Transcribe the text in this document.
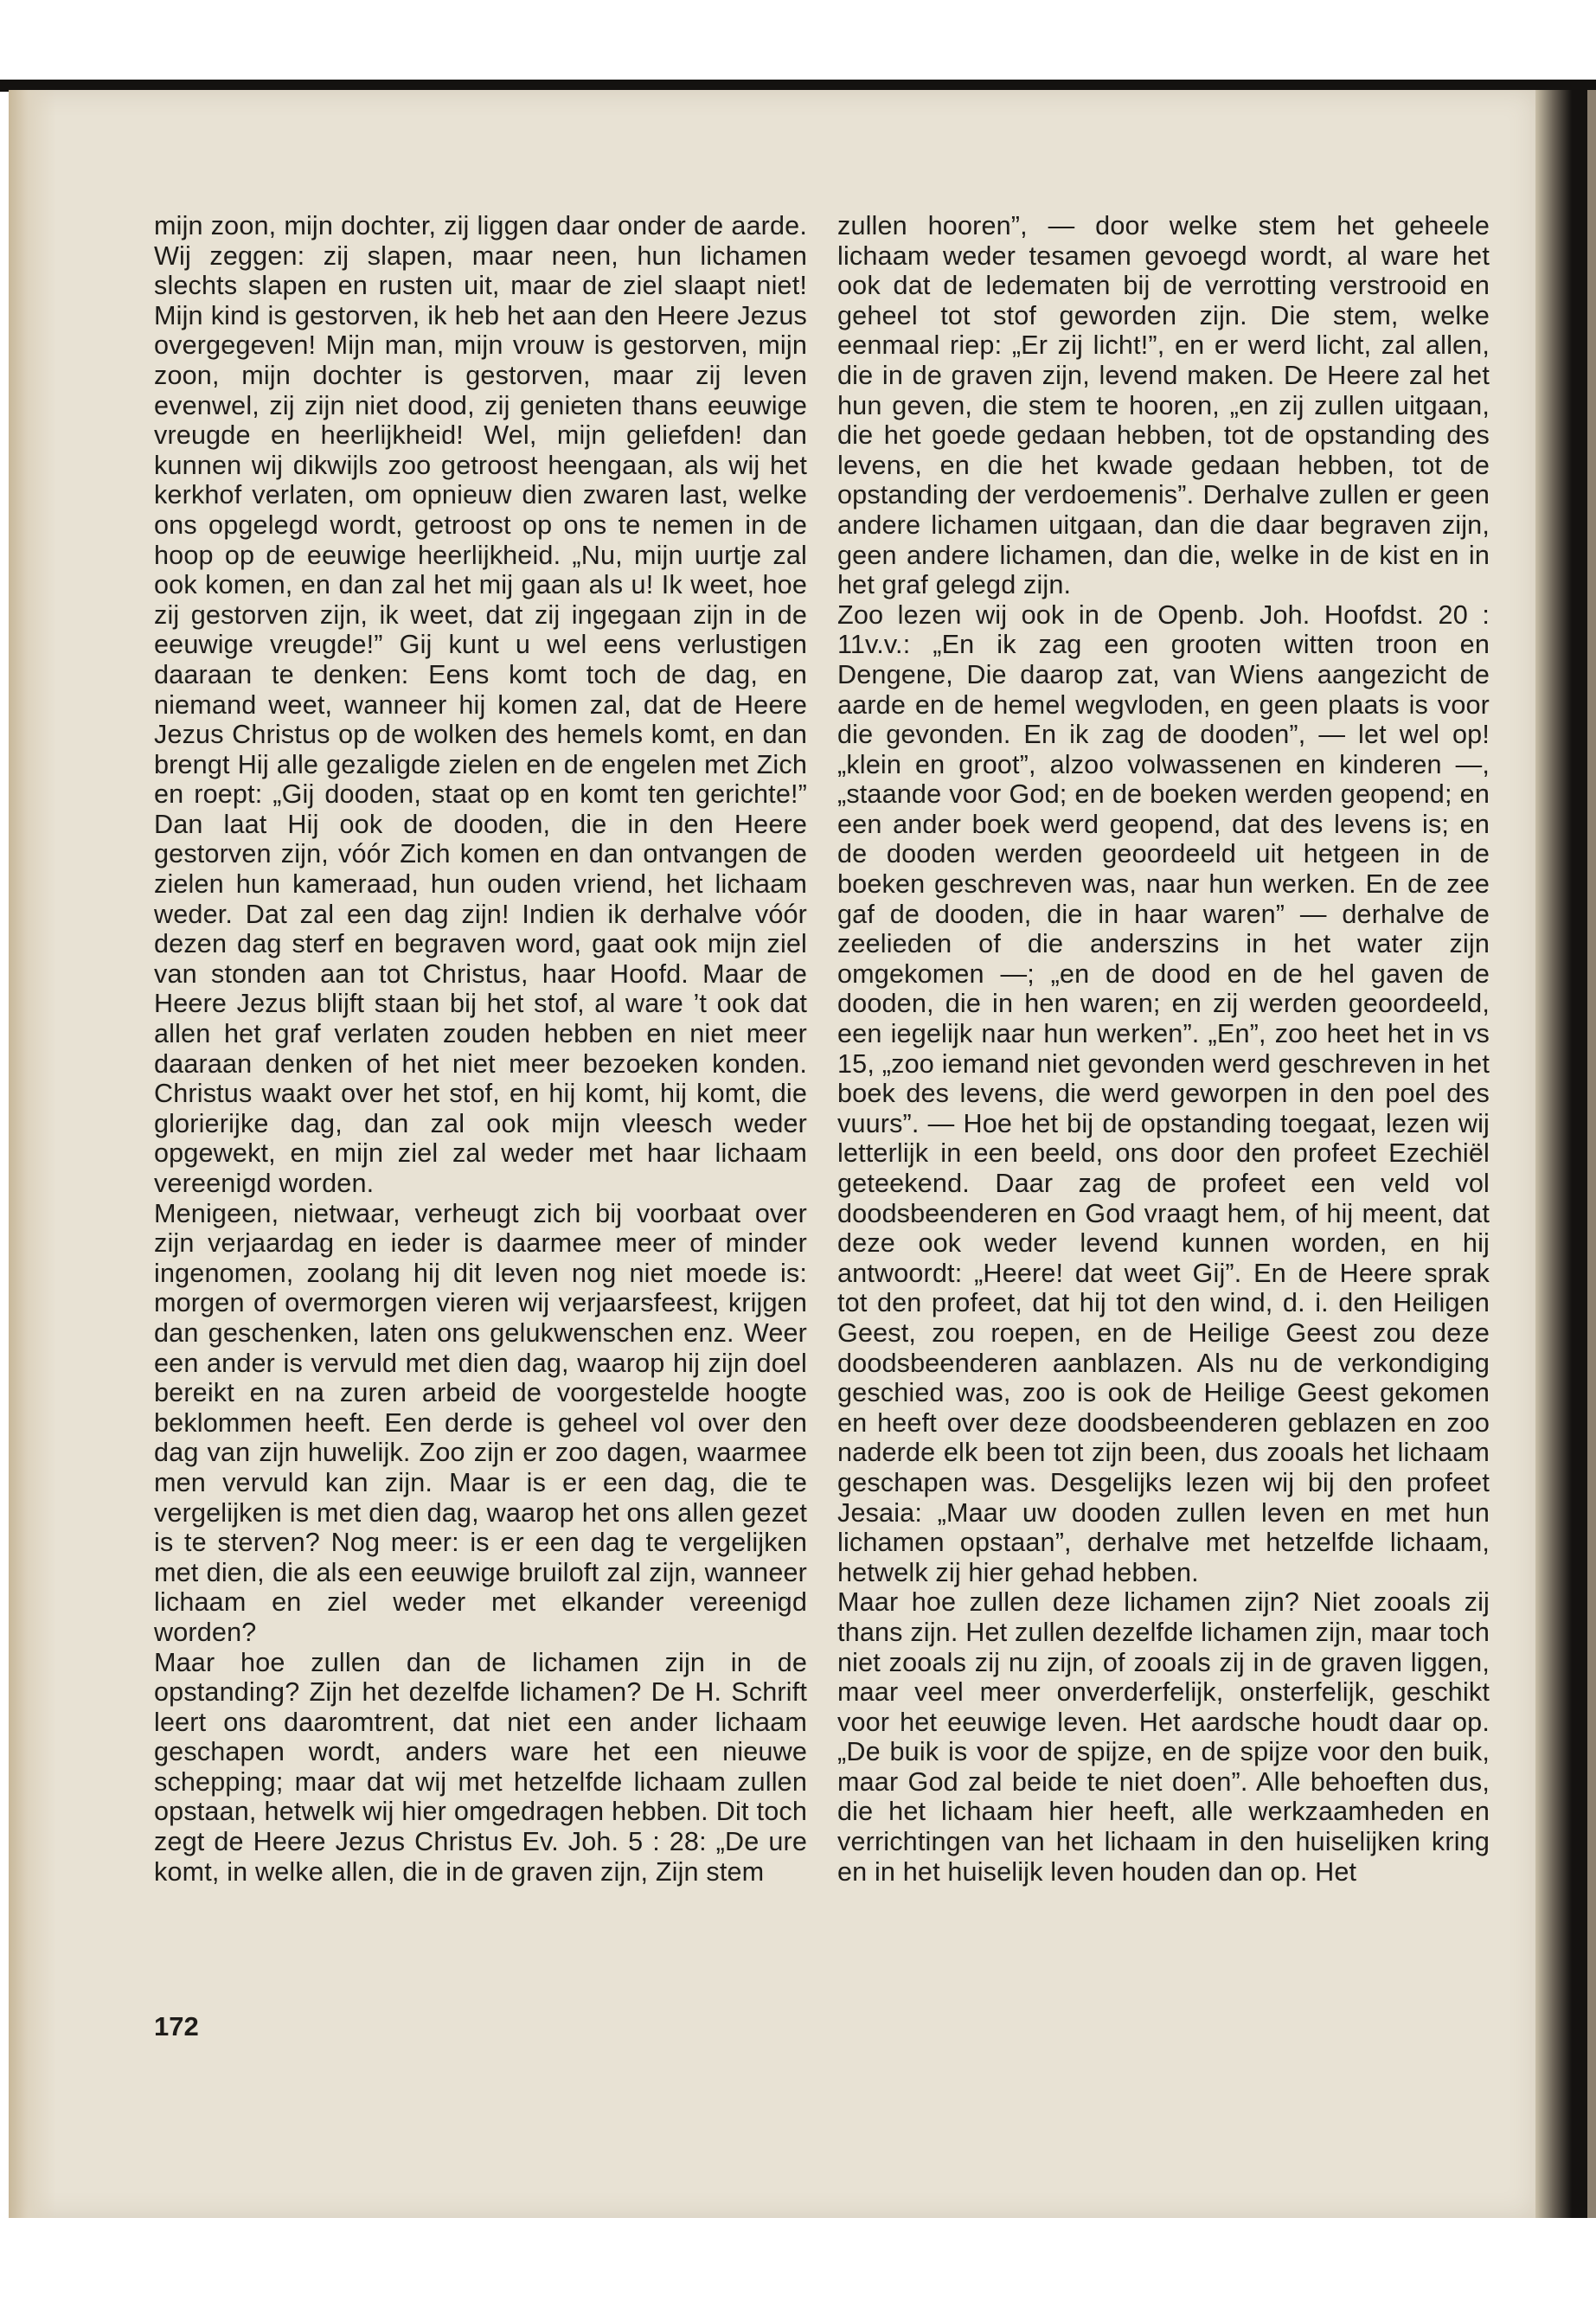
mijn zoon, mijn dochter, zij liggen daar onder de aarde. Wij zeggen: zij slapen, maar neen, hun lichamen slechts slapen en rusten uit, maar de ziel slaapt niet! Mijn kind is gestorven, ik heb het aan den Heere Jezus overgegeven! Mijn man, mijn vrouw is gestorven, mijn zoon, mijn dochter is gestorven, maar zij leven evenwel, zij zijn niet dood, zij genieten thans eeuwige vreugde en heerlijkheid! Wel, mijn geliefden! dan kunnen wij dikwijls zoo getroost heengaan, als wij het kerkhof verlaten, om opnieuw dien zwaren last, welke ons opgelegd wordt, getroost op ons te nemen in de hoop op de eeuwige heerlijkheid. „Nu, mijn uurtje zal ook komen, en dan zal het mij gaan als u! Ik weet, hoe zij gestorven zijn, ik weet, dat zij ingegaan zijn in de eeuwige vreugde!” Gij kunt u wel eens verlustigen daaraan te denken: Eens komt toch de dag, en niemand weet, wanneer hij komen zal, dat de Heere Jezus Christus op de wolken des hemels komt, en dan brengt Hij alle gezaligde zielen en de engelen met Zich en roept: „Gij dooden, staat op en komt ten gerichte!” Dan laat Hij ook de dooden, die in den Heere gestorven zijn, vóór Zich komen en dan ontvangen de zielen hun kameraad, hun ouden vriend, het lichaam weder. Dat zal een dag zijn! Indien ik derhalve vóór dezen dag sterf en begraven word, gaat ook mijn ziel van stonden aan tot Christus, haar Hoofd. Maar de Heere Jezus blijft staan bij het stof, al ware ’t ook dat allen het graf verlaten zouden hebben en niet meer daaraan denken of het niet meer bezoeken konden. Christus waakt over het stof, en hij komt, hij komt, die glorierijke dag, dan zal ook mijn vleesch weder opgewekt, en mijn ziel zal weder met haar lichaam vereenigd worden.

Menigeen, nietwaar, verheugt zich bij voorbaat over zijn verjaardag en ieder is daarmee meer of minder ingenomen, zoolang hij dit leven nog niet moede is: morgen of overmorgen vieren wij verjaarsfeest, krijgen dan geschenken, laten ons gelukwenschen enz. Weer een ander is vervuld met dien dag, waarop hij zijn doel bereikt en na zuren arbeid de voorgestelde hoogte beklommen heeft. Een derde is geheel vol over den dag van zijn huwelijk. Zoo zijn er zoo dagen, waarmee men vervuld kan zijn. Maar is er een dag, die te vergelijken is met dien dag, waarop het ons allen gezet is te sterven? Nog meer: is er een dag te vergelijken met dien, die als een eeuwige bruiloft zal zijn, wanneer lichaam en ziel weder met elkander vereenigd worden?

Maar hoe zullen dan de lichamen zijn in de opstanding? Zijn het dezelfde lichamen? De H. Schrift leert ons daaromtrent, dat niet een ander lichaam geschapen wordt, anders ware het een nieuwe schepping; maar dat wij met hetzelfde lichaam zullen opstaan, hetwelk wij hier omgedragen hebben. Dit toch zegt de Heere Jezus Christus Ev. Joh. 5 : 28: „De ure komt, in welke allen, die in de graven zijn, Zijn stem

zullen hooren”, — door welke stem het geheele lichaam weder tesamen gevoegd wordt, al ware het ook dat de ledematen bij de verrotting verstrooid en geheel tot stof geworden zijn. Die stem, welke eenmaal riep: „Er zij licht!”, en er werd licht, zal allen, die in de graven zijn, levend maken. De Heere zal het hun geven, die stem te hooren, „en zij zullen uitgaan, die het goede gedaan hebben, tot de opstanding des levens, en die het kwade gedaan hebben, tot de opstanding der verdoemenis”. Derhalve zullen er geen andere lichamen uitgaan, dan die daar begraven zijn, geen andere lichamen, dan die, welke in de kist en in het graf gelegd zijn.

Zoo lezen wij ook in de Openb. Joh. Hoofdst. 20 : 11v.v.: „En ik zag een grooten witten troon en Dengene, Die daarop zat, van Wiens aangezicht de aarde en de hemel wegvloden, en geen plaats is voor die gevonden. En ik zag de dooden”, — let wel op! „klein en groot”, alzoo volwassenen en kinderen —, „staande voor God; en de boeken werden geopend; en een ander boek werd geopend, dat des levens is; en de dooden werden geoordeeld uit hetgeen in de boeken geschreven was, naar hun werken. En de zee gaf de dooden, die in haar waren” — derhalve de zeelieden of die anderszins in het water zijn omgekomen —; „en de dood en de hel gaven de dooden, die in hen waren; en zij werden geoordeeld, een iegelijk naar hun werken”. „En”, zoo heet het in vs 15, „zoo iemand niet gevonden werd geschreven in het boek des levens, die werd geworpen in den poel des vuurs”. — Hoe het bij de opstanding toegaat, lezen wij letterlijk in een beeld, ons door den profeet Ezechiël geteekend. Daar zag de profeet een veld vol doodsbeenderen en God vraagt hem, of hij meent, dat deze ook weder levend kunnen worden, en hij antwoordt: „Heere! dat weet Gij”. En de Heere sprak tot den profeet, dat hij tot den wind, d. i. den Heiligen Geest, zou roepen, en de Heilige Geest zou deze doodsbeenderen aanblazen. Als nu de verkondiging geschied was, zoo is ook de Heilige Geest gekomen en heeft over deze doodsbeenderen geblazen en zoo naderde elk been tot zijn been, dus zooals het lichaam geschapen was. Desgelijks lezen wij bij den profeet Jesaia: „Maar uw dooden zullen leven en met hun lichamen opstaan”, derhalve met hetzelfde lichaam, hetwelk zij hier gehad hebben.

Maar hoe zullen deze lichamen zijn? Niet zooals zij thans zijn. Het zullen dezelfde lichamen zijn, maar toch niet zooals zij nu zijn, of zooals zij in de graven liggen, maar veel meer onverderfelijk, onsterfelijk, geschikt voor het eeuwige leven. Het aardsche houdt daar op. „De buik is voor de spijze, en de spijze voor den buik, maar God zal beide te niet doen”. Alle behoeften dus, die het lichaam hier heeft, alle werkzaamheden en verrichtingen van het lichaam in den huiselijken kring en in het huiselijk leven houden dan op. Het

172
